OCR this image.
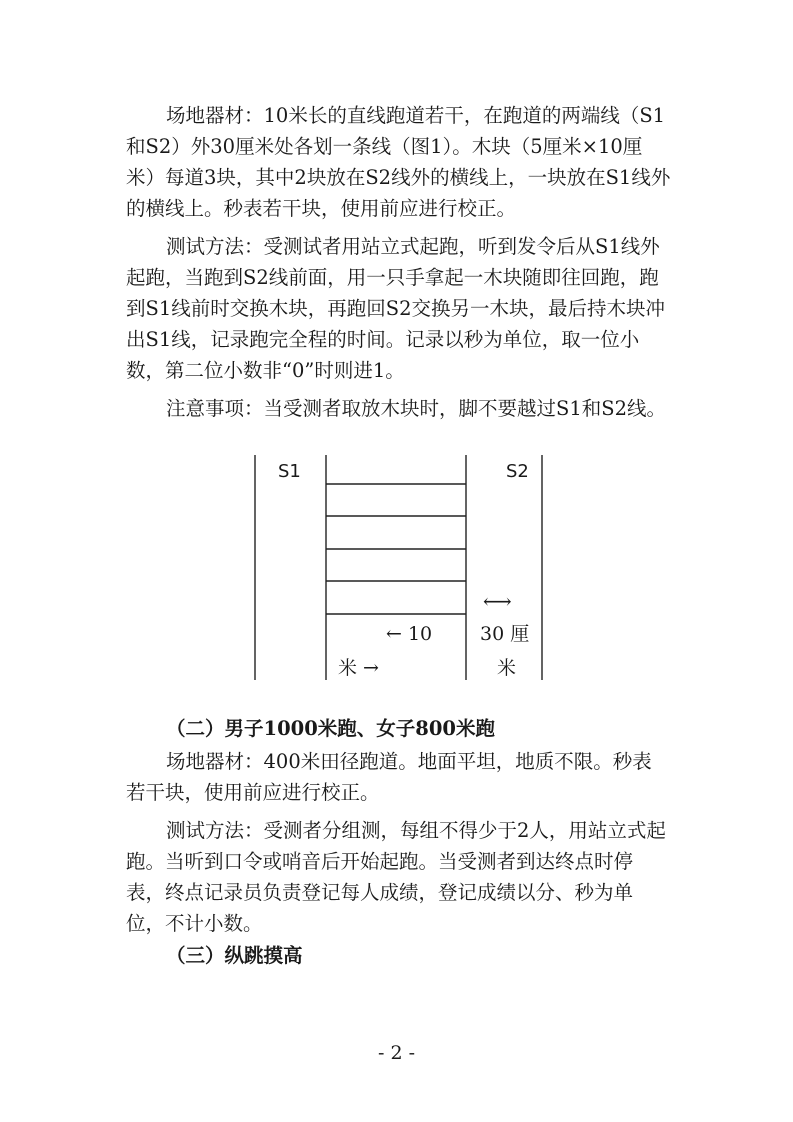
场地器材：10米长的直线跑道若干，在跑道的两端线（S1和S2）外30厘米处各划一条线（图1）。木块（5厘米×10厘米）每道3块，其中2块放在S2线外的横线上，一块放在S1线外的横线上。秒表若干块，使用前应进行校正。

测试方法：受测试者用站立式起跑，听到发令后从S1线外起跑，当跑到S2线前面，用一只手拿起一木块随即往回跑，跑到S1线前时交换木块，再跑回S2交换另一木块，最后持木块冲出S1线，记录跑完全程的时间。记录以秒为单位，取一位小数，第二位小数非“0”时则进1。

注意事项：当受测者取放木块时，脚不要越过S1和S2线。

S1	S2
← 10
米 →
⟷
30 厘
米

（二）男子1000米跑、女子800米跑

场地器材：400米田径跑道。地面平坦，地质不限。秒表若干块，使用前应进行校正。

测试方法：受测者分组测，每组不得少于2人，用站立式起跑。当听到口令或哨音后开始起跑。当受测者到达终点时停表，终点记录员负责登记每人成绩，登记成绩以分、秒为单位，不计小数。

（三）纵跳摸高

- 2 -
